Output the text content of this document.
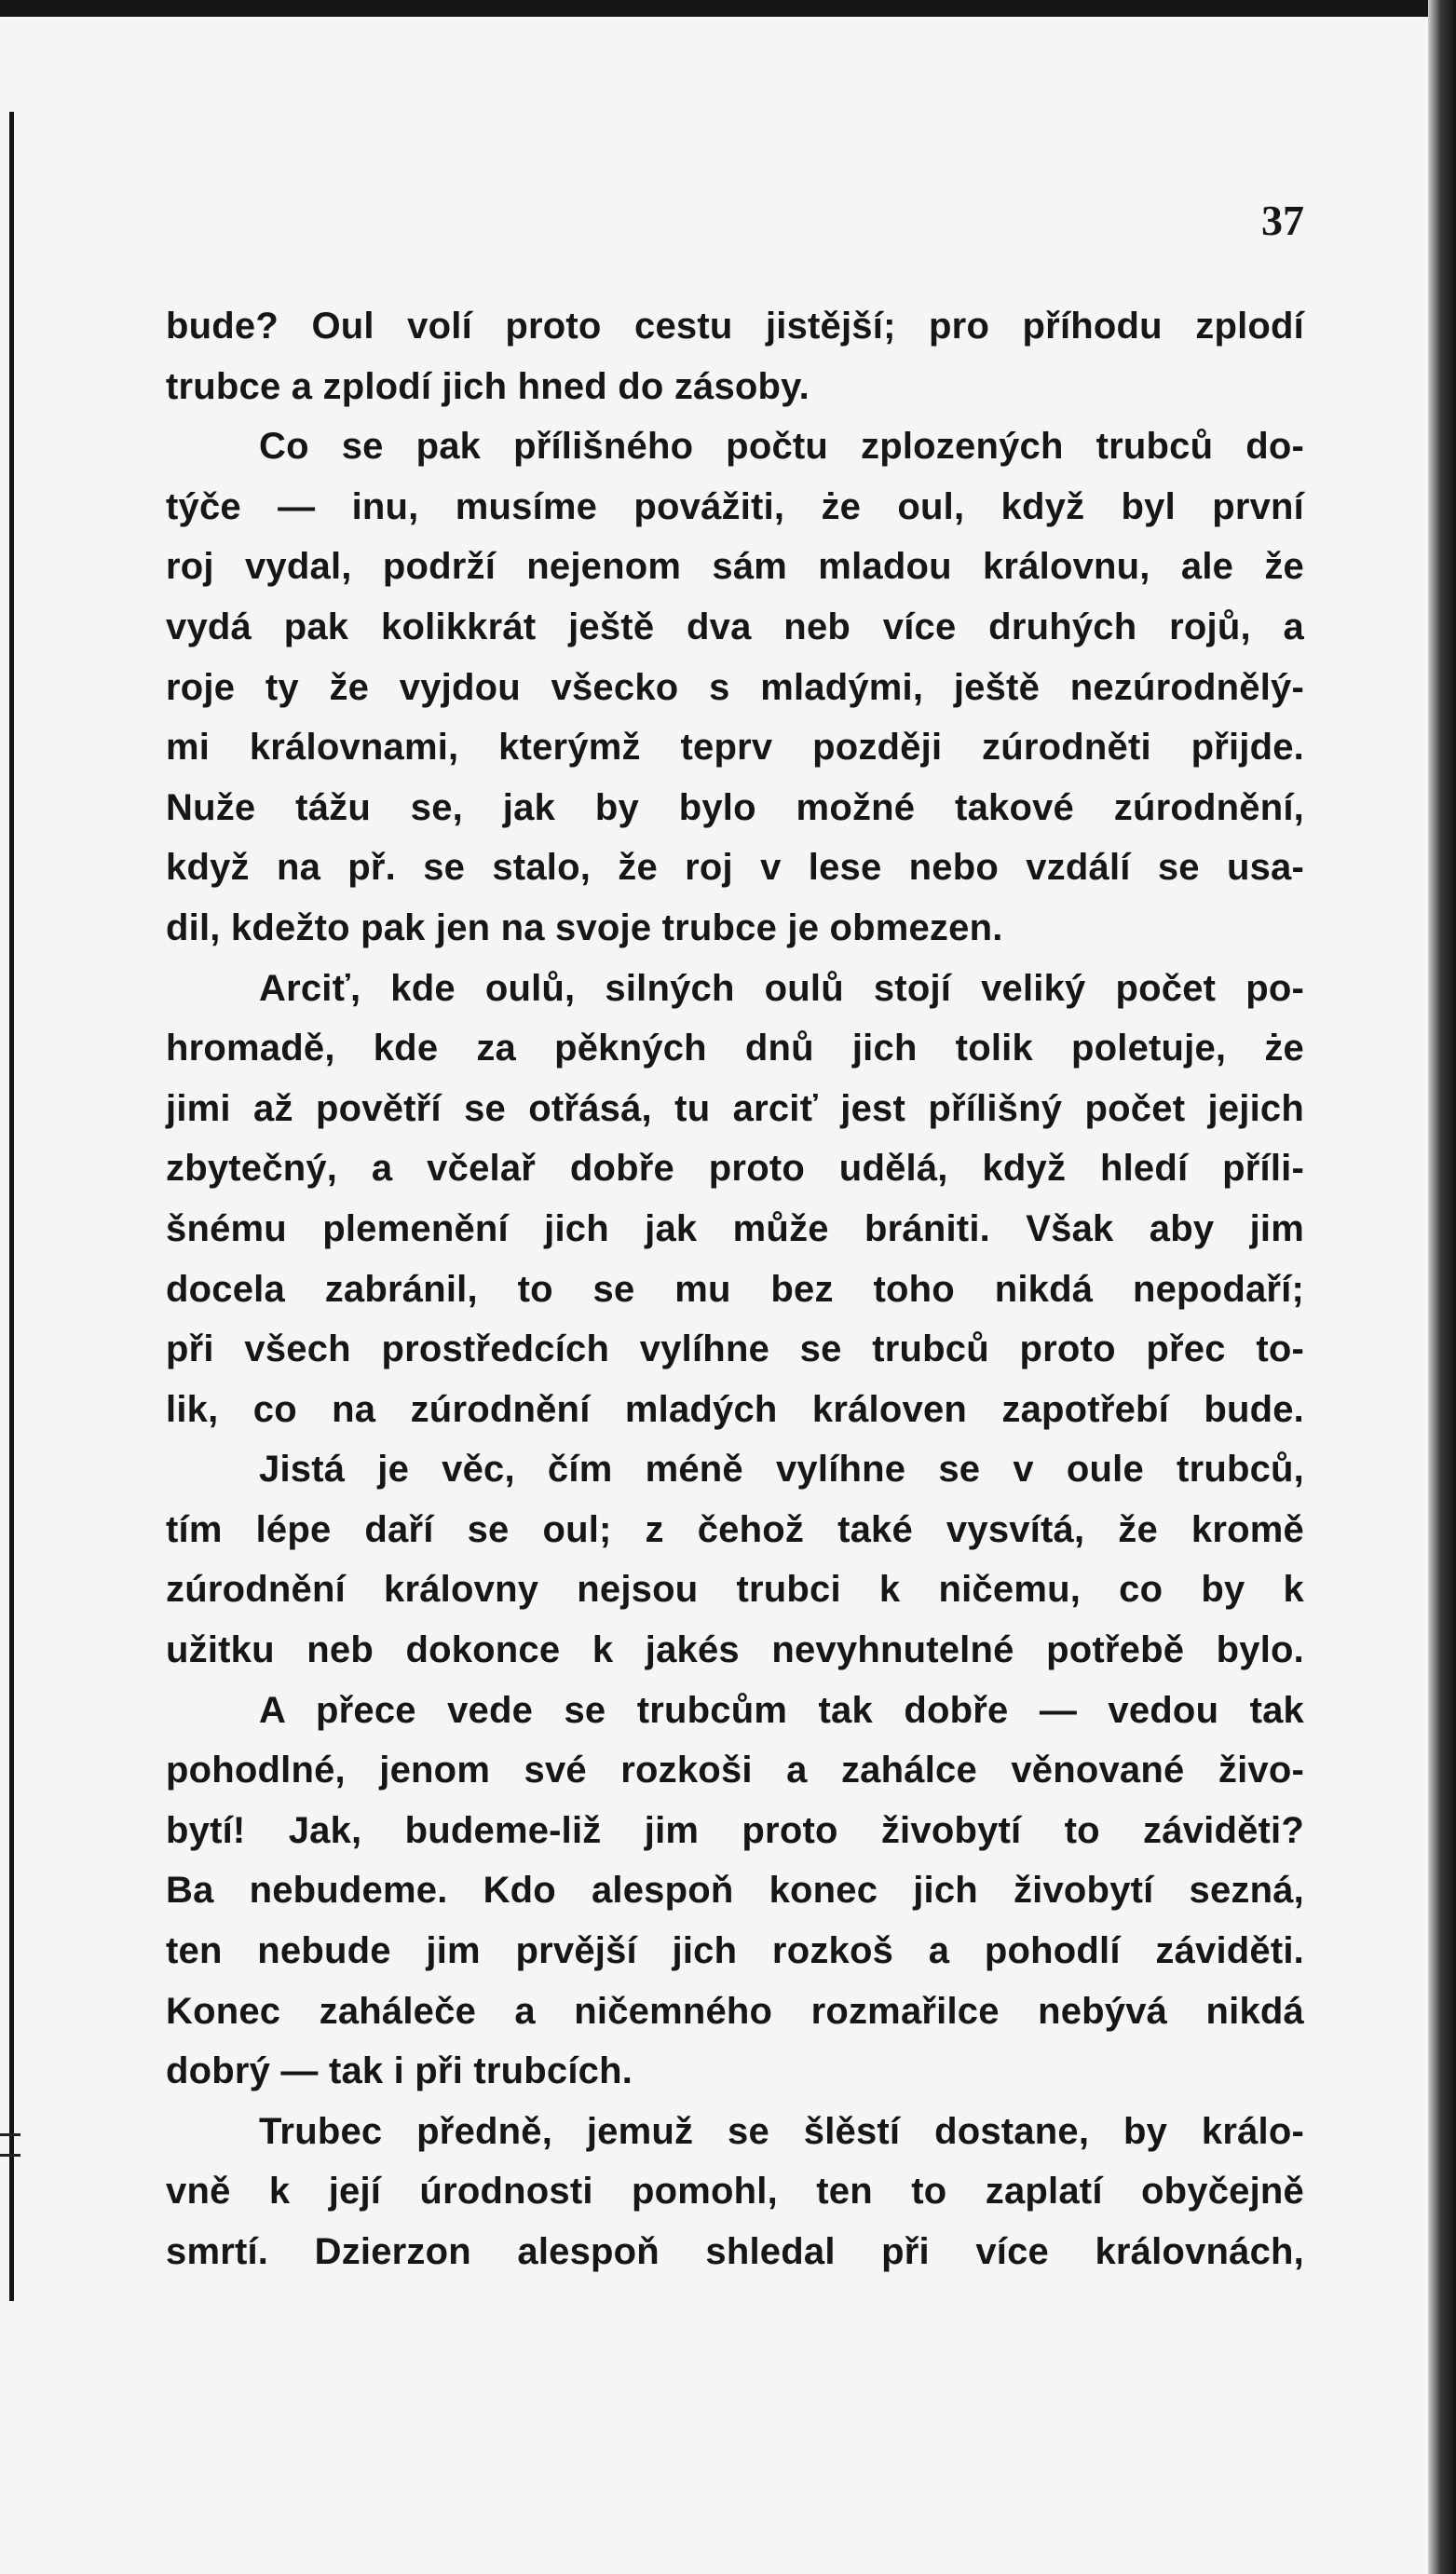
37
bude? Oul volí proto cestu jistější; pro příhodu zplodí
trubce a zplodí jich hned do zásoby.
Co se pak přílišného počtu zplozených trubců do-
týče — inu, musíme povážiti, że oul, když byl první
roj vydal, podrží nejenom sám mladou královnu, ale že
vydá pak kolikkrát ještě dva neb více druhých rojů, a
roje ty že vyjdou všecko s mladými, ještě nezúrodnělý-
mi královnami, kterýmž teprv později zúrodněti přijde.
Nuže tážu se, jak by bylo možné takové zúrodnění,
když na př. se stalo, že roj v lese nebo vzdálí se usa-
dil, kdežto pak jen na svoje trubce je obmezen.
Arciť, kde oulů, silných oulů stojí veliký počet po-
hromadě, kde za pěkných dnů jich tolik poletuje, że
jimi až povětří se otřásá, tu arciť jest přílišný počet jejich
zbytečný, a včelař dobře proto udělá, když hledí příli-
šnému plemenění jich jak může brániti. Však aby jim
docela zabránil, to se mu bez toho nikdá nepodaří;
při všech prostředcích vylíhne se trubců proto přec to-
lik, co na zúrodnění mladých královen zapotřebí bude.
Jistá je věc, čím méně vylíhne se v oule trubců,
tím lépe daří se oul; z čehož také vysvítá, že kromě
zúrodnění královny nejsou trubci k ničemu, co by k
užitku neb dokonce k jakés nevyhnutelné potřebě bylo.
A přece vede se trubcům tak dobře — vedou tak
pohodlné, jenom své rozkoši a zahálce věnované živo-
bytí! Jak, budeme-liž jim proto živobytí to záviděti?
Ba nebudeme. Kdo alespoň konec jich živobytí sezná,
ten nebude jim prvější jich rozkoš a pohodlí záviděti.
Konec zahálečе a ničemného rozmařilce nebývá nikdá
dobrý — tak i při trubcích.
Trubec předně, jemuž se šlěstí dostane, by králo-
vně k její úrodnosti pomohl, ten to zaplatí obyčejně
smrtí. Dzierzon alespoň shledal při více královnách,
